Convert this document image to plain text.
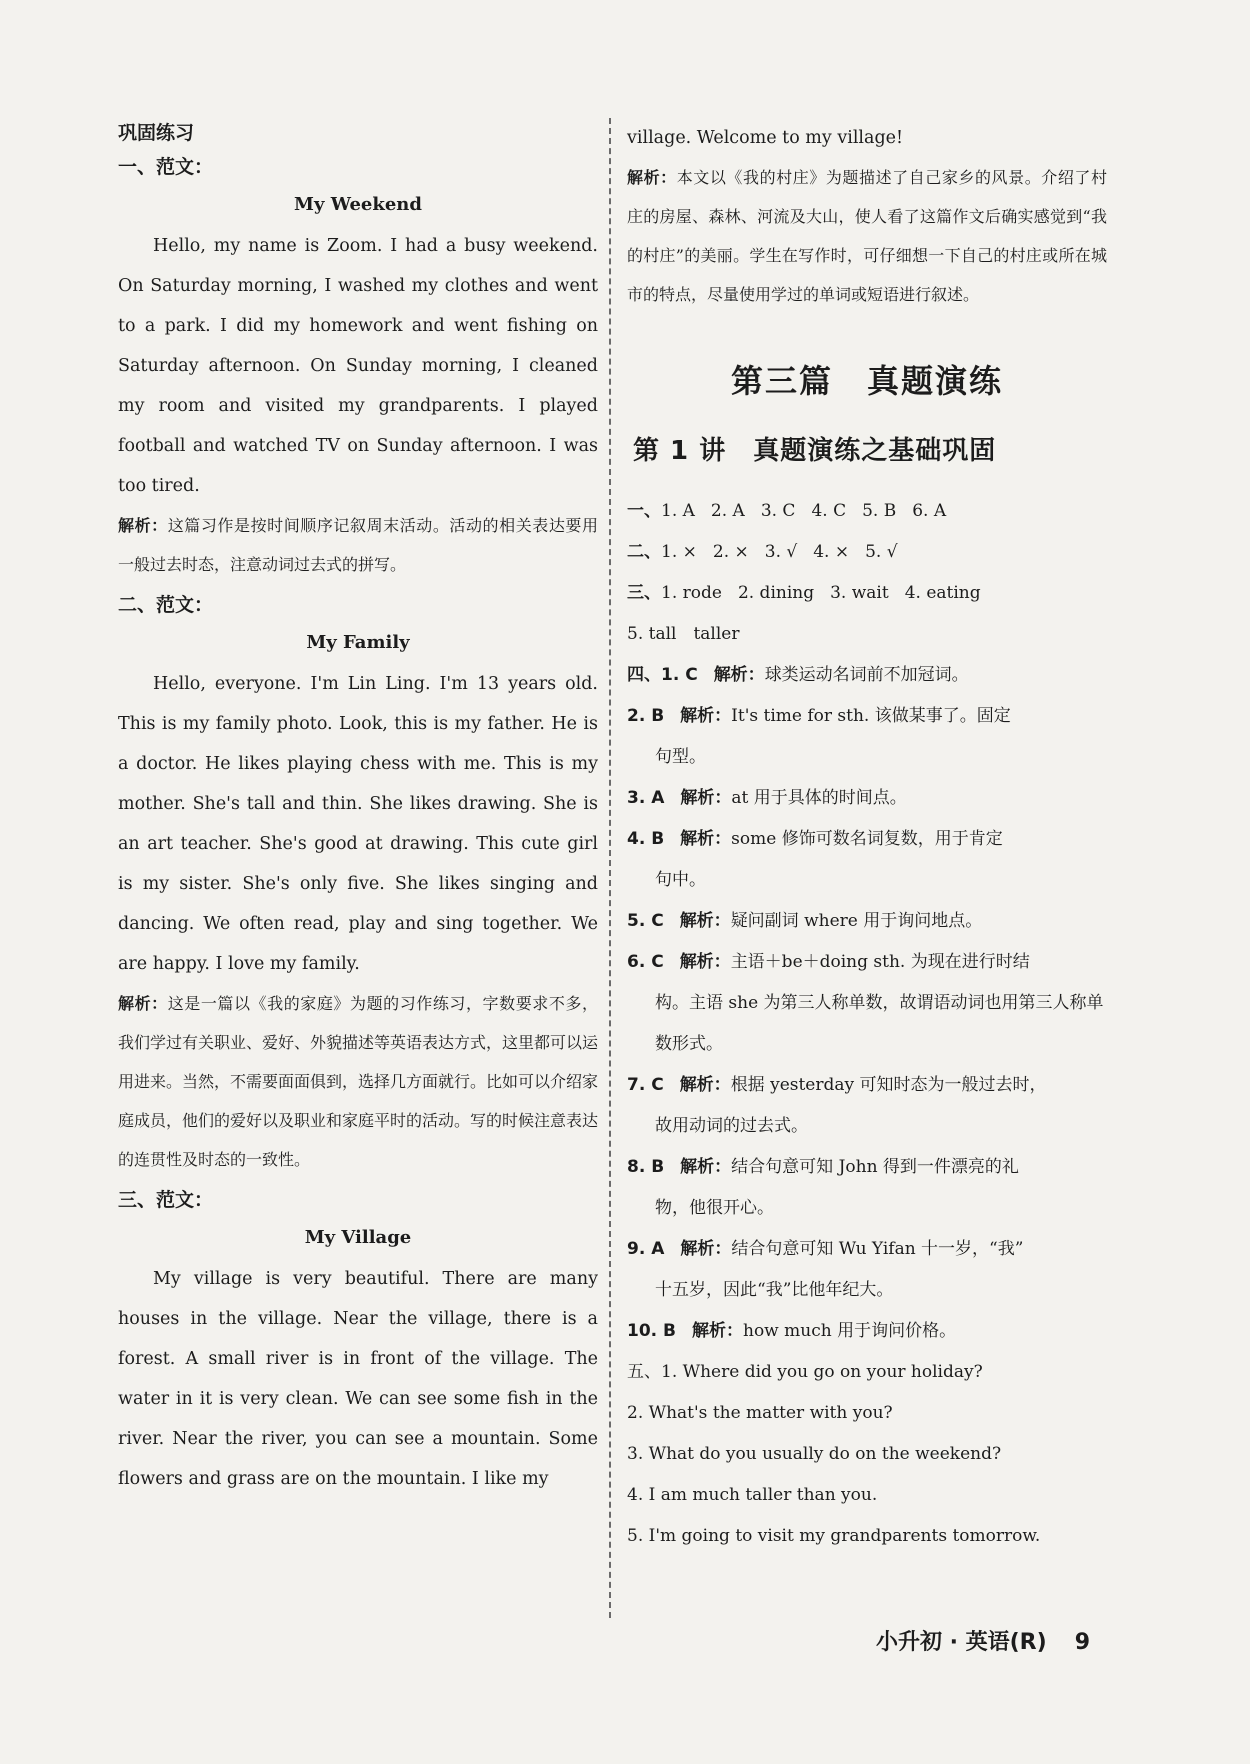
巩固练习
一、范文：
My Weekend

Hello, my name is Zoom. I had a busy weekend. On Saturday morning, I washed my clothes and went to a park. I did my homework and went fishing on Saturday afternoon. On Sunday morning, I cleaned my room and visited my grandparents. I played football and watched TV on Sunday afternoon. I was too tired.

解析：这篇习作是按时间顺序记叙周末活动。活动的相关表达要用一般过去时态，注意动词过去式的拼写。

二、范文：
My Family

Hello, everyone. I'm Lin Ling. I'm 13 years old. This is my family photo. Look, this is my father. He is a doctor. He likes playing chess with me. This is my mother. She's tall and thin. She likes drawing. She is an art teacher. She's good at drawing. This cute girl is my sister. She's only five. She likes singing and dancing. We often read, play and sing together. We are happy. I love my family.

解析：这是一篇以《我的家庭》为题的习作练习，字数要求不多，我们学过有关职业、爱好、外貌描述等英语表达方式，这里都可以运用进来。当然，不需要面面俱到，选择几方面就行。比如可以介绍家庭成员，他们的爱好以及职业和家庭平时的活动。写的时候注意表达的连贯性及时态的一致性。

三、范文：
My Village

My village is very beautiful. There are many houses in the village. Near the village, there is a forest. A small river is in front of the village. The water in it is very clean. We can see some fish in the river. Near the river, you can see a mountain. Some flowers and grass are on the mountain. I like my

village. Welcome to my village!

解析：本文以《我的村庄》为题描述了自己家乡的风景。介绍了村庄的房屋、森林、河流及大山，使人看了这篇作文后确实感觉到“我的村庄”的美丽。学生在写作时，可仔细想一下自己的村庄或所在城市的特点，尽量使用学过的单词或短语进行叙述。

第三篇　真题演练
第 1 讲　真题演练之基础巩固

一、1. A 2. A 3. C 4. C 5. B 6. A

二、1. × 2. × 3. √ 4. × 5. √

三、1. rode 2. dining 3. wait 4. eating

5. tall　taller

四、1. C 解析：球类运动名词前不加冠词。

2. B 解析：It's time for sth. 该做某事了。固定
句型。

3. A 解析：at 用于具体的时间点。

4. B 解析：some 修饰可数名词复数，用于肯定
句中。

5. C 解析：疑问副词 where 用于询问地点。

6. C 解析：主语＋be＋doing sth. 为现在进行时结
构。主语 she 为第三人称单数，故谓语动词也用第三人称单数形式。

7. C 解析：根据 yesterday 可知时态为一般过去时，
故用动词的过去式。

8. B 解析：结合句意可知 John 得到一件漂亮的礼
物，他很开心。

9. A 解析：结合句意可知 Wu Yifan 十一岁，“我”
十五岁，因此“我”比他年纪大。

10. B 解析：how much 用于询问价格。

五、1. Where did you go on your holiday?

2. What's the matter with you?

3. What do you usually do on the weekend?

4. I am much taller than you.

5. I'm going to visit my grandparents tomorrow.

小升初 · 英语(R) 9
